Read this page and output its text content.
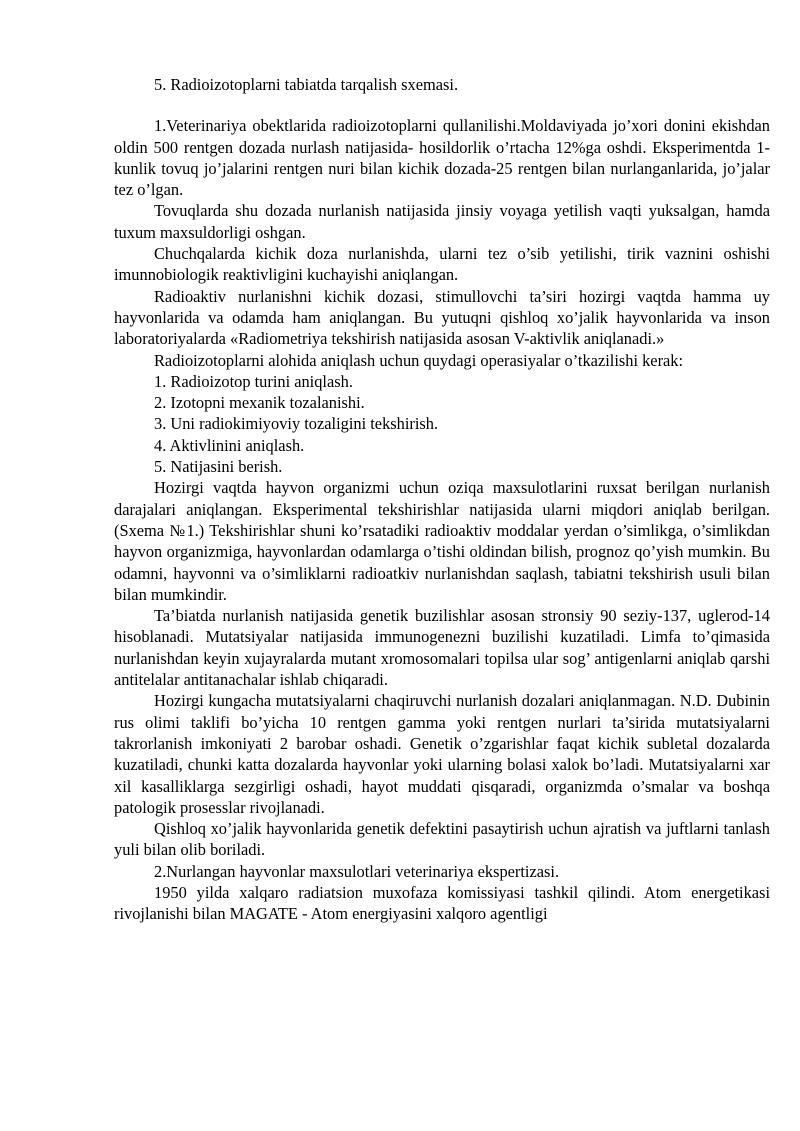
5. Radioizotoplarni tabiatda tarqalish sxemasi.

1.Veterinariya obektlarida radioizotoplarni qullanilishi.Moldaviyada jo’xori donini ekishdan oldin 500 rentgen dozada nurlash natijasida- hosildorlik o’rtacha 12%ga oshdi. Eksperimentda 1-kunlik tovuq jo’jalarini rentgen nuri bilan kichik dozada-25 rentgen bilan nurlanganlarida, jo’jalar tez o’lgan.

Tovuqlarda shu dozada nurlanish natijasida jinsiy voyaga yetilish vaqti yuksalgan, hamda tuxum maxsuldorligi oshgan.

Chuchqalarda kichik doza nurlanishda, ularni tez o’sib yetilishi, tirik vaznini oshishi imunnobiologik reaktivligini kuchayishi aniqlangan.

Radioaktiv nurlanishni kichik dozasi, stimullovchi ta’siri hozirgi vaqtda hamma uy hayvonlarida va odamda ham aniqlangan. Bu yutuqni qishloq xo’jalik hayvonlarida va inson laboratoriyalarda «Radiometriya tekshirish natijasida asosan V-aktivlik aniqlanadi.»

Radioizotoplarni alohida aniqlash uchun quydagi operasiyalar o’tkazilishi kerak:

1. Radioizotop turini aniqlash.

2. Izotopni mexanik tozalanishi.

3. Uni radiokimiyoviy tozaligini tekshirish.

4. Aktivlinini aniqlash.

5. Natijasini berish.

Hozirgi vaqtda hayvon organizmi uchun oziqa maxsulotlarini ruxsat berilgan nurlanish darajalari aniqlangan. Eksperimental tekshirishlar natijasida ularni miqdori aniqlab berilgan. (Sxema №1.) Tekshirishlar shuni ko’rsatadiki radioaktiv moddalar yerdan o’simlikga, o’simlikdan hayvon organizmiga, hayvonlardan odamlarga o’tishi oldindan bilish, prognoz qo’yish mumkin. Bu odamni, hayvonni va o’simliklarni radioatkiv nurlanishdan saqlash, tabiatni tekshirish usuli bilan bilan mumkindir.

Ta’biatda nurlanish natijasida genetik buzilishlar asosan stronsiy 90 seziy-137, uglerod-14 hisoblanadi. Mutatsiyalar natijasida immunogenezni buzilishi kuzatiladi. Limfa to’qimasida nurlanishdan keyin xujayralarda mutant xromosomalari topilsa ular sog’ antigenlarni aniqlab qarshi antitelalar antitanachalar ishlab chiqaradi.

Hozirgi kungacha mutatsiyalarni chaqiruvchi nurlanish dozalari aniqlanmagan. N.D. Dubinin rus olimi taklifi bo’yicha 10 rentgen gamma yoki rentgen nurlari ta’sirida mutatsiyalarni takrorlanish imkoniyati 2 barobar oshadi. Genetik o’zgarishlar faqat kichik subletal dozalarda kuzatiladi, chunki katta dozalarda hayvonlar yoki ularning bolasi xalok bo’ladi. Mutatsiyalarni xar xil kasalliklarga sezgirligi oshadi, hayot muddati qisqaradi, organizmda o’smalar va boshqa patologik prosesslar rivojlanadi.

Qishloq xo’jalik hayvonlarida genetik defektini pasaytirish uchun ajratish va juftlarni tanlash yuli bilan olib boriladi.

2.Nurlangan hayvonlar maxsulotlari veterinariya ekspertizasi.

1950 yilda xalqaro radiatsion muxofaza komissiyasi tashkil qilindi. Atom energetikasi rivojlanishi bilan MAGATE - Atom energiyasini xalqoro agentligi
